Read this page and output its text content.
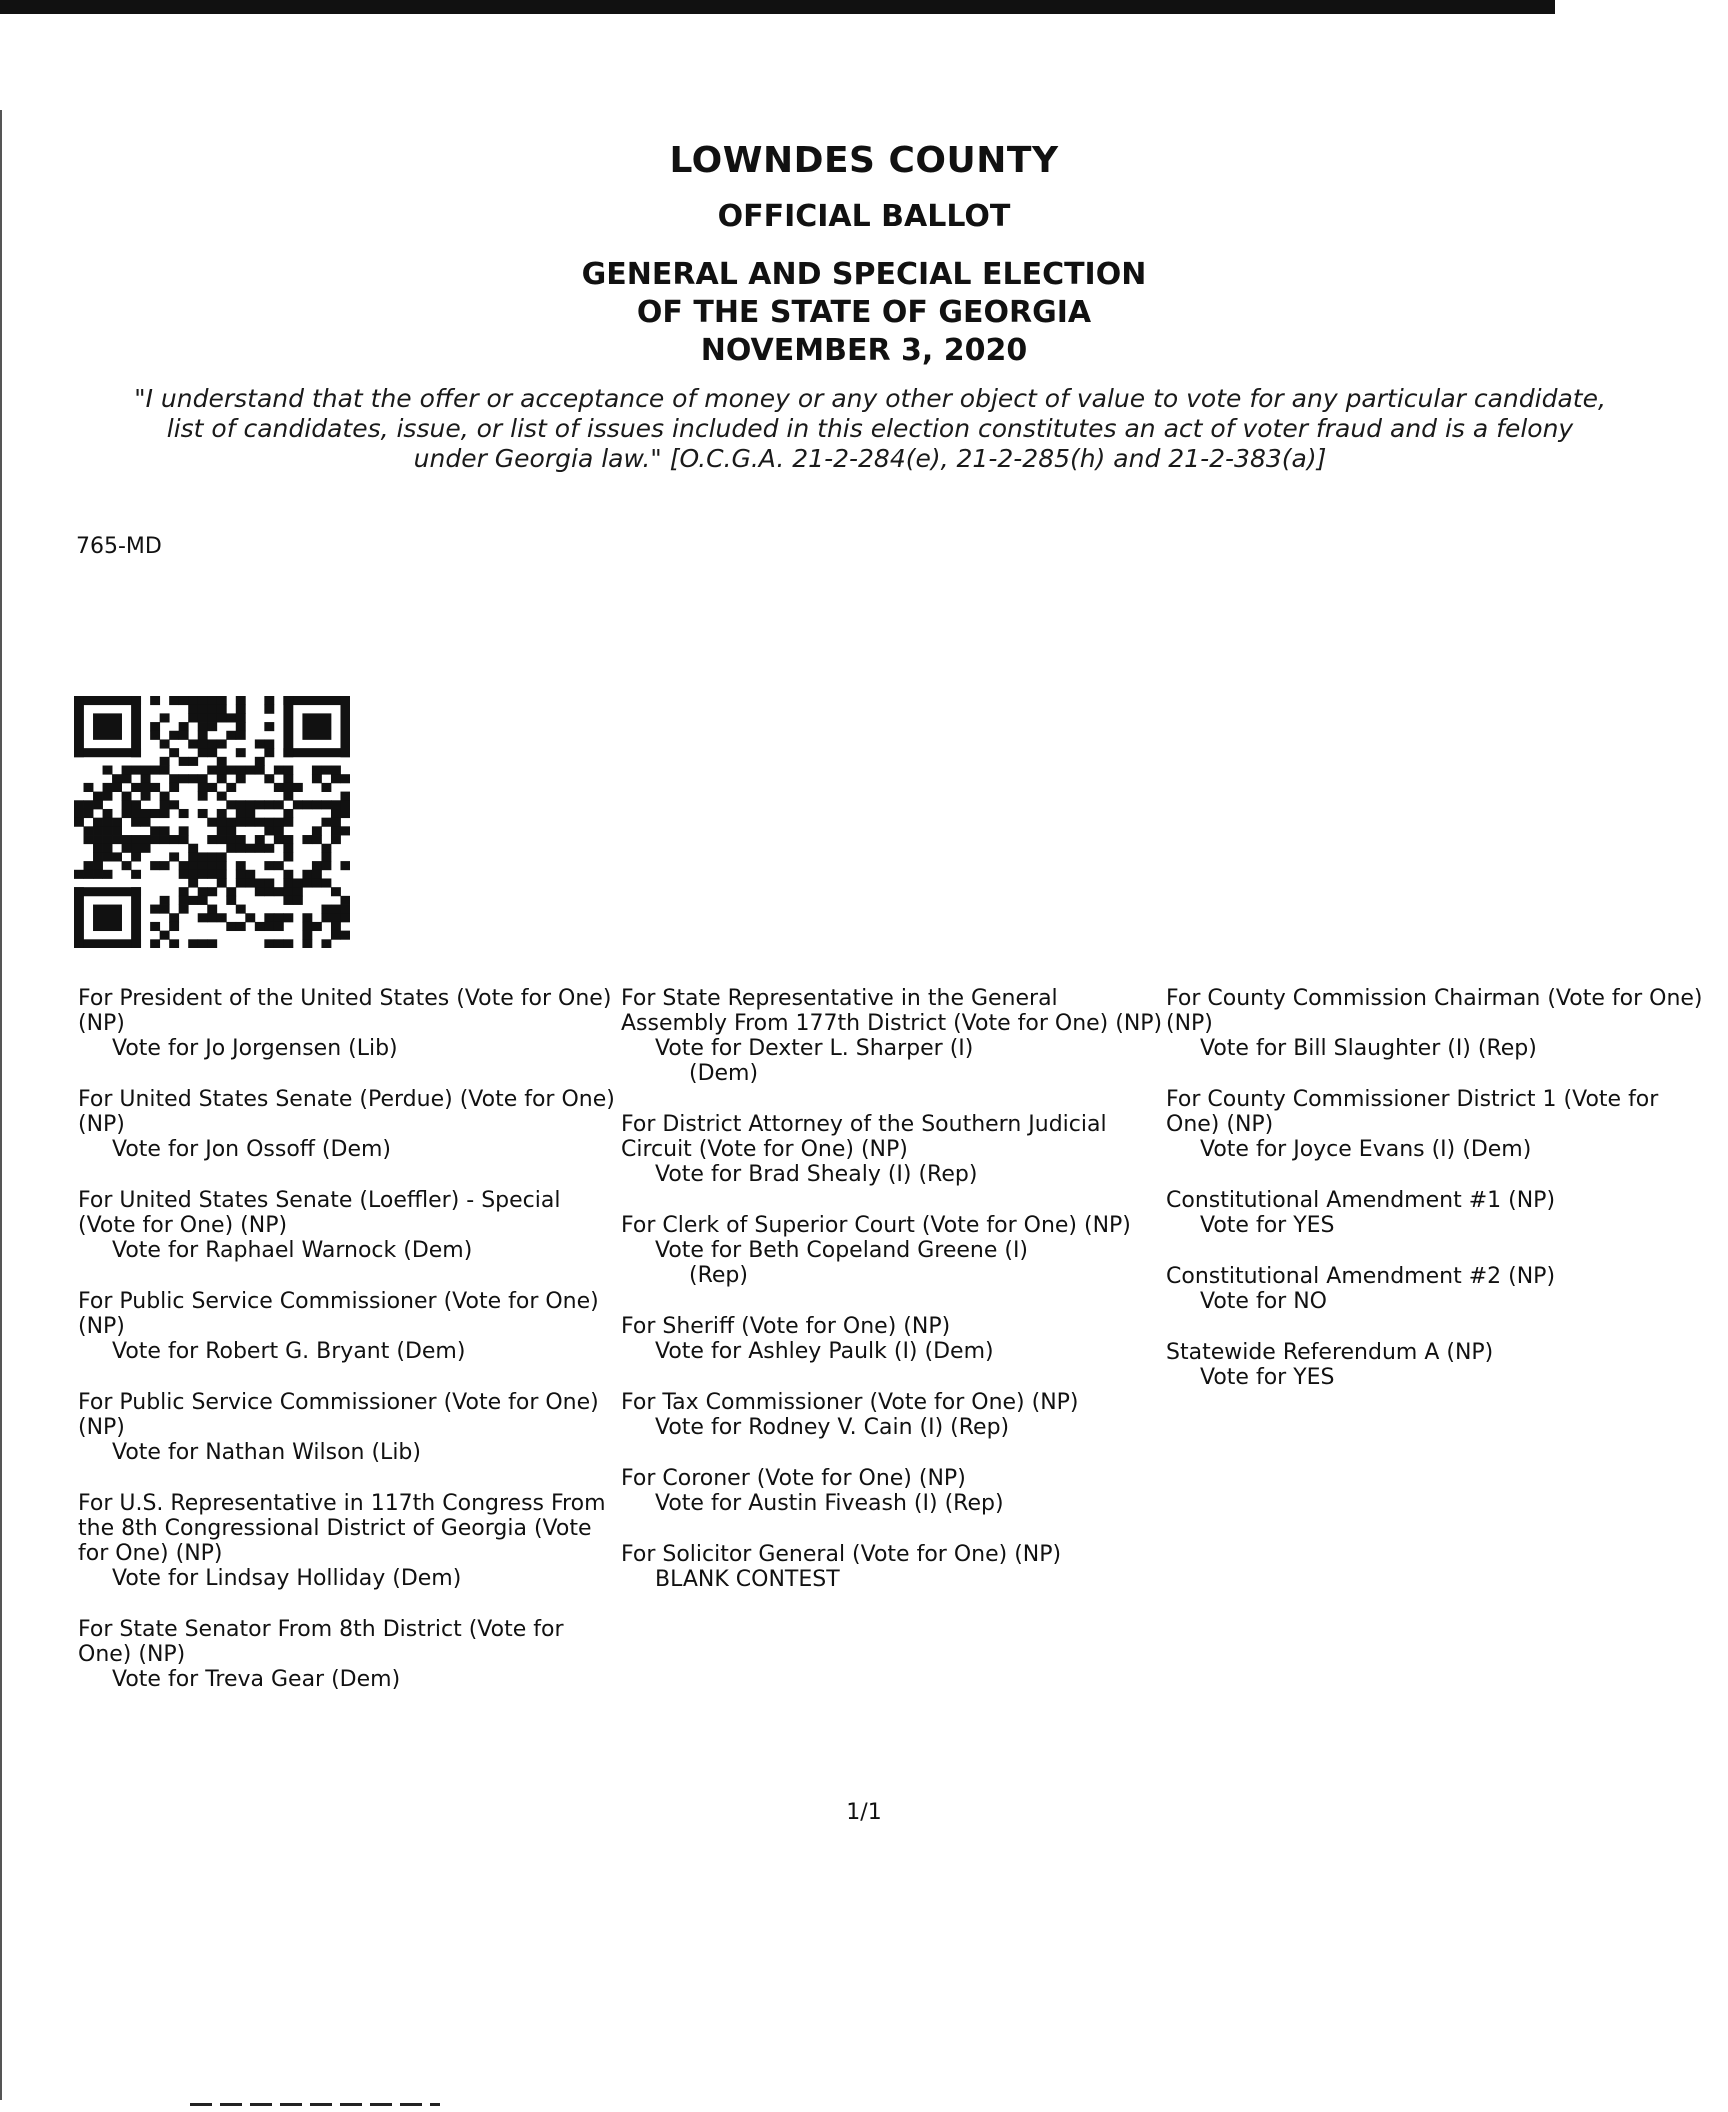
LOWNDES COUNTY
OFFICIAL BALLOT
GENERAL AND SPECIAL ELECTION
OF THE STATE OF GEORGIA
NOVEMBER 3, 2020
"I understand that the offer or acceptance of money or any other object of value to vote for any particular candidate,
list of candidates, issue, or list of issues included in this election constitutes an act of voter fraud and is a felony
under Georgia law." [O.C.G.A. 21-2-284(e), 21-2-285(h) and 21-2-383(a)]
765-MD
For President of the United States (Vote for One) (NP)
Vote for Jo Jorgensen (Lib)
For United States Senate (Perdue) (Vote for One) (NP)
Vote for Jon Ossoff (Dem)
For United States Senate (Loeffler) - Special (Vote for One) (NP)
Vote for Raphael Warnock (Dem)
For Public Service Commissioner (Vote for One) (NP)
Vote for Robert G. Bryant (Dem)
For Public Service Commissioner (Vote for One) (NP)
Vote for Nathan Wilson (Lib)
For U.S. Representative in 117th Congress From the 8th Congressional District of Georgia (Vote for One) (NP)
Vote for Lindsay Holliday (Dem)
For State Senator From 8th District (Vote for One) (NP)
Vote for Treva Gear (Dem)
For State Representative in the General Assembly From 177th District (Vote for One) (NP)
Vote for Dexter L. Sharper (I)
(Dem)
For District Attorney of the Southern Judicial Circuit (Vote for One) (NP)
Vote for Brad Shealy (I) (Rep)
For Clerk of Superior Court (Vote for One) (NP)
Vote for Beth Copeland Greene (I)
(Rep)
For Sheriff (Vote for One) (NP)
Vote for Ashley Paulk (I) (Dem)
For Tax Commissioner (Vote for One) (NP)
Vote for Rodney V. Cain (I) (Rep)
For Coroner (Vote for One) (NP)
Vote for Austin Fiveash (I) (Rep)
For Solicitor General (Vote for One) (NP)
BLANK CONTEST
For County Commission Chairman (Vote for One) (NP)
Vote for Bill Slaughter (I) (Rep)
For County Commissioner District 1 (Vote for One) (NP)
Vote for Joyce Evans (I) (Dem)
Constitutional Amendment #1 (NP)
Vote for YES
Constitutional Amendment #2 (NP)
Vote for NO
Statewide Referendum A (NP)
Vote for YES
1/1
